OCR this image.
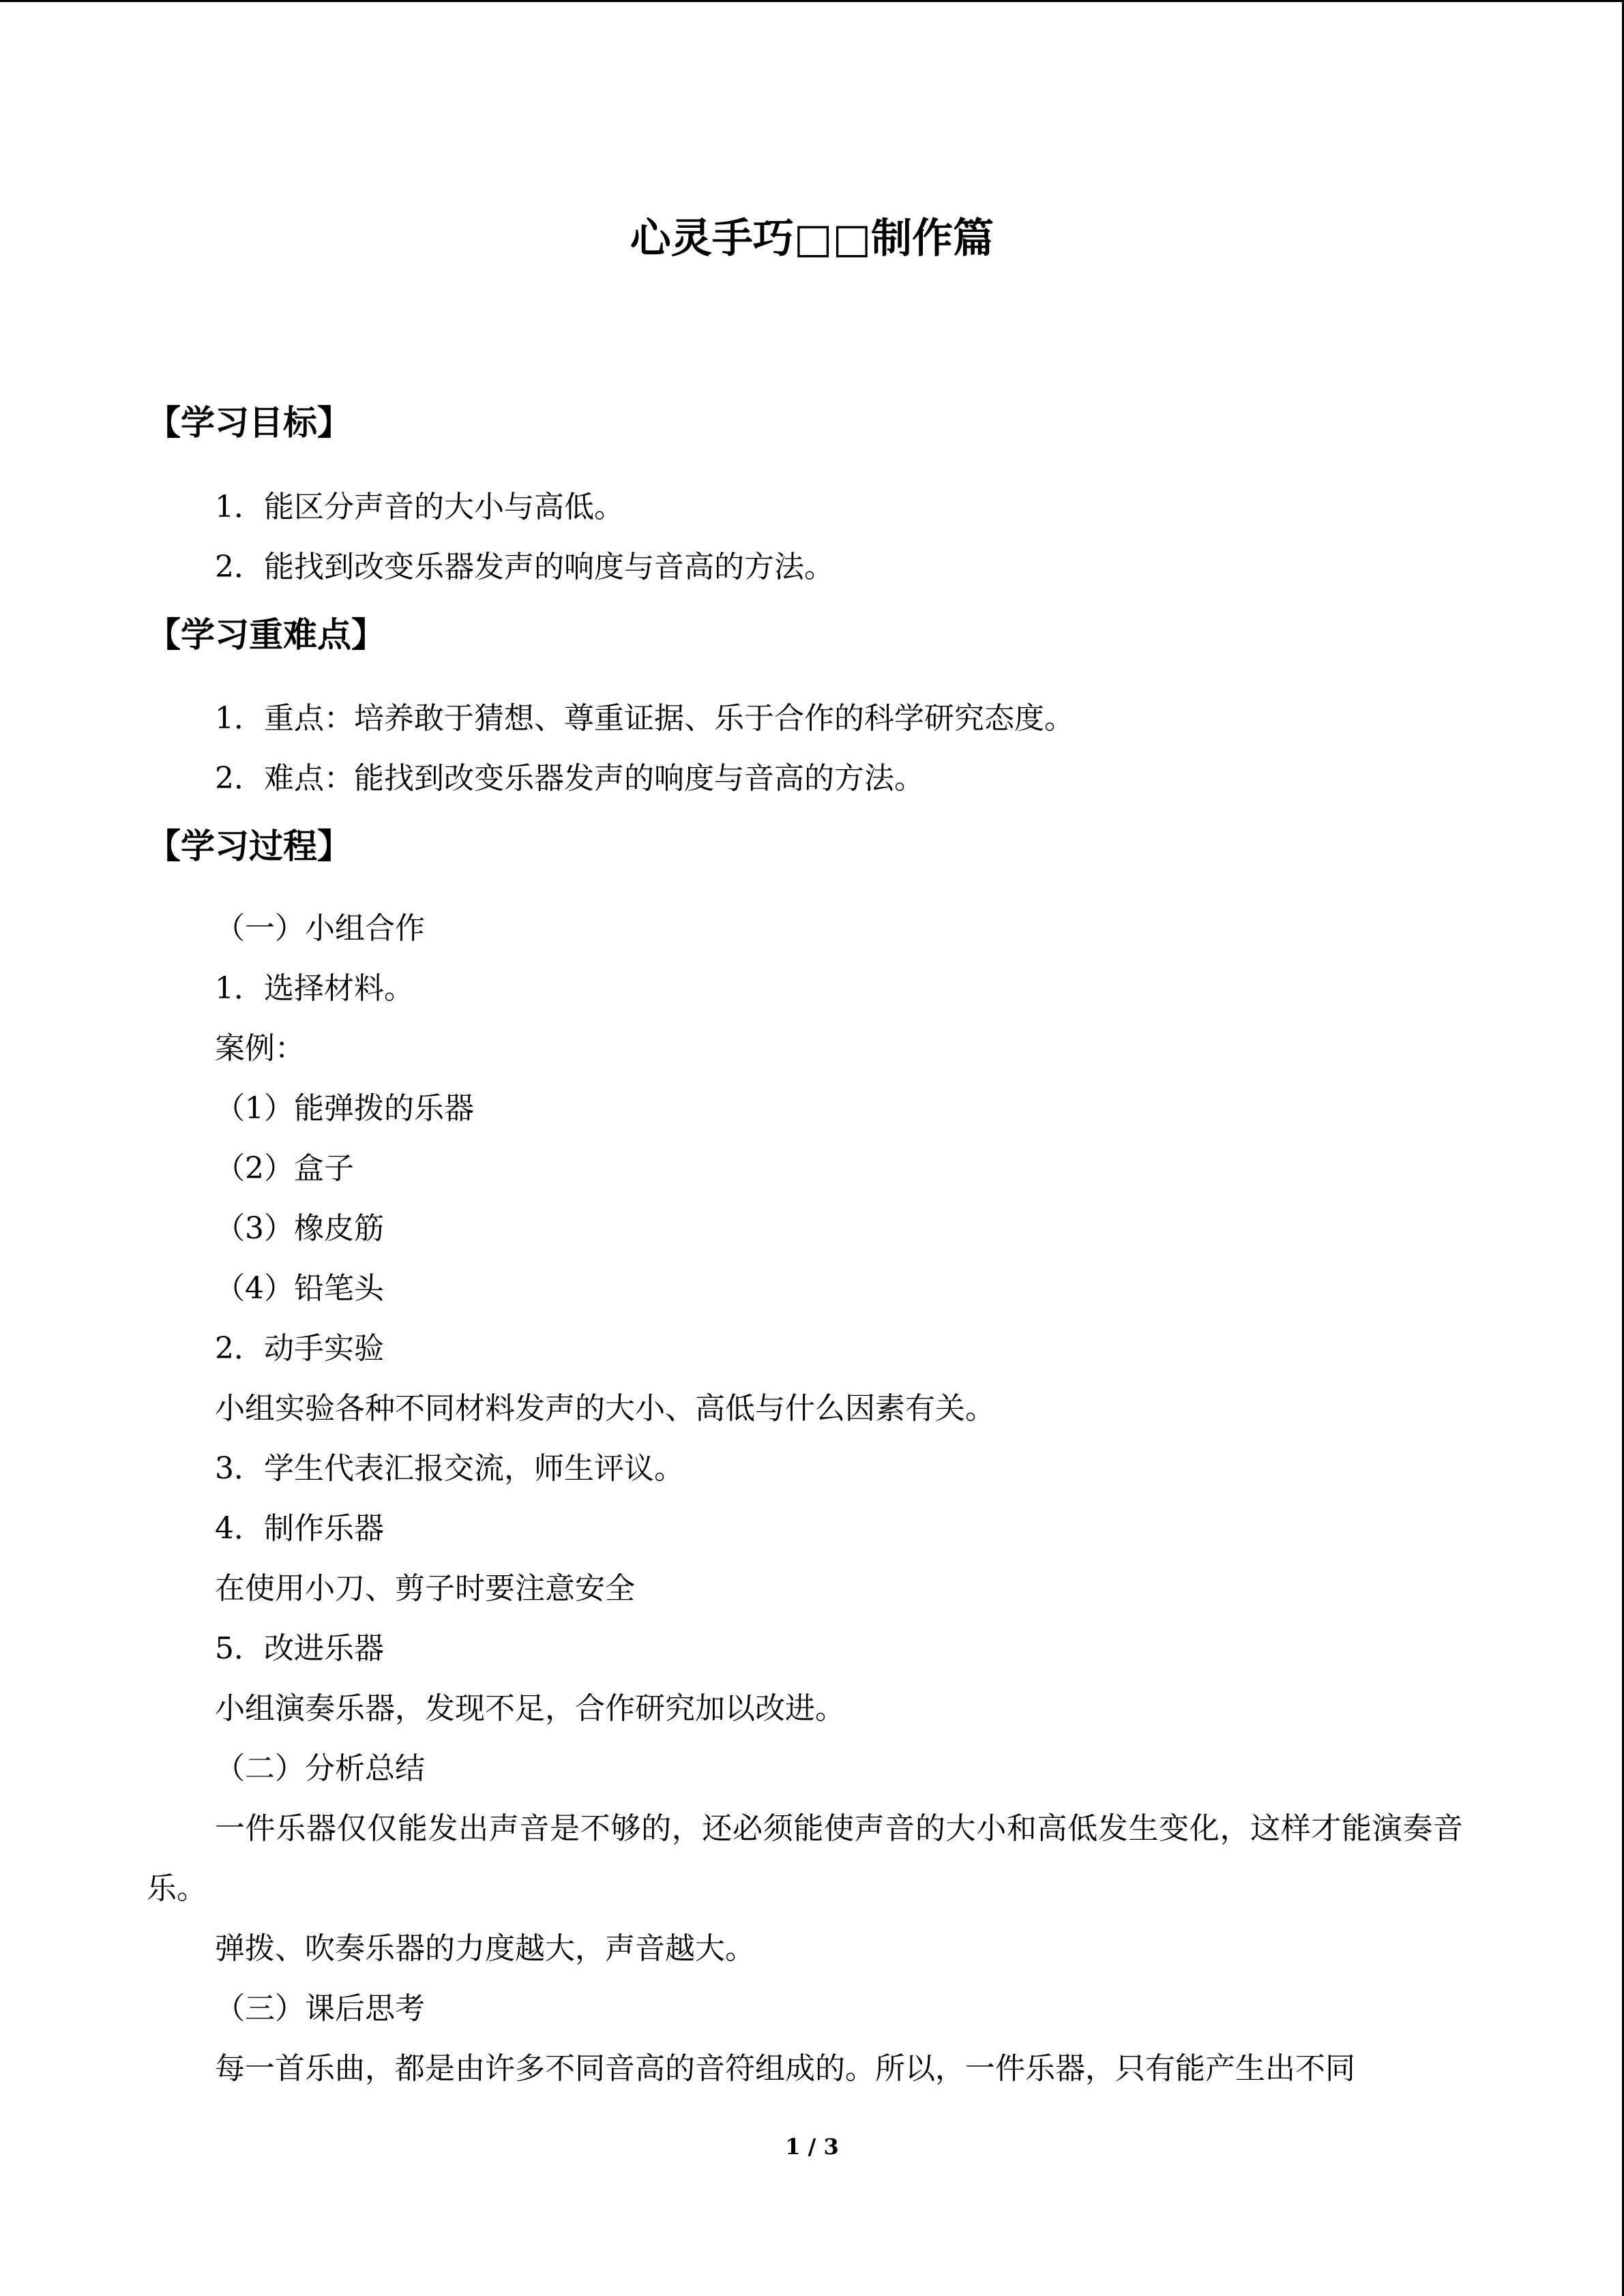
心灵手巧□□制作篇
【学习目标】
1．能区分声音的大小与高低。
2．能找到改变乐器发声的响度与音高的方法。
【学习重难点】
1．重点：培养敢于猜想、尊重证据、乐于合作的科学研究态度。
2．难点：能找到改变乐器发声的响度与音高的方法。
【学习过程】
（一）小组合作
1．选择材料。
案例：
（1）能弹拨的乐器
（2）盒子
（3）橡皮筋
（4）铅笔头
2．动手实验
小组实验各种不同材料发声的大小、高低与什么因素有关。
3．学生代表汇报交流，师生评议。
4．制作乐器
在使用小刀、剪子时要注意安全
5．改进乐器
小组演奏乐器，发现不足，合作研究加以改进。
（二）分析总结
一件乐器仅仅能发出声音是不够的，还必须能使声音的大小和高低发生变化，这样才能演奏音乐。
弹拨、吹奏乐器的力度越大，声音越大。
（三）课后思考
每一首乐曲，都是由许多不同音高的音符组成的。所以，一件乐器，只有能产生出不同
1 / 3
